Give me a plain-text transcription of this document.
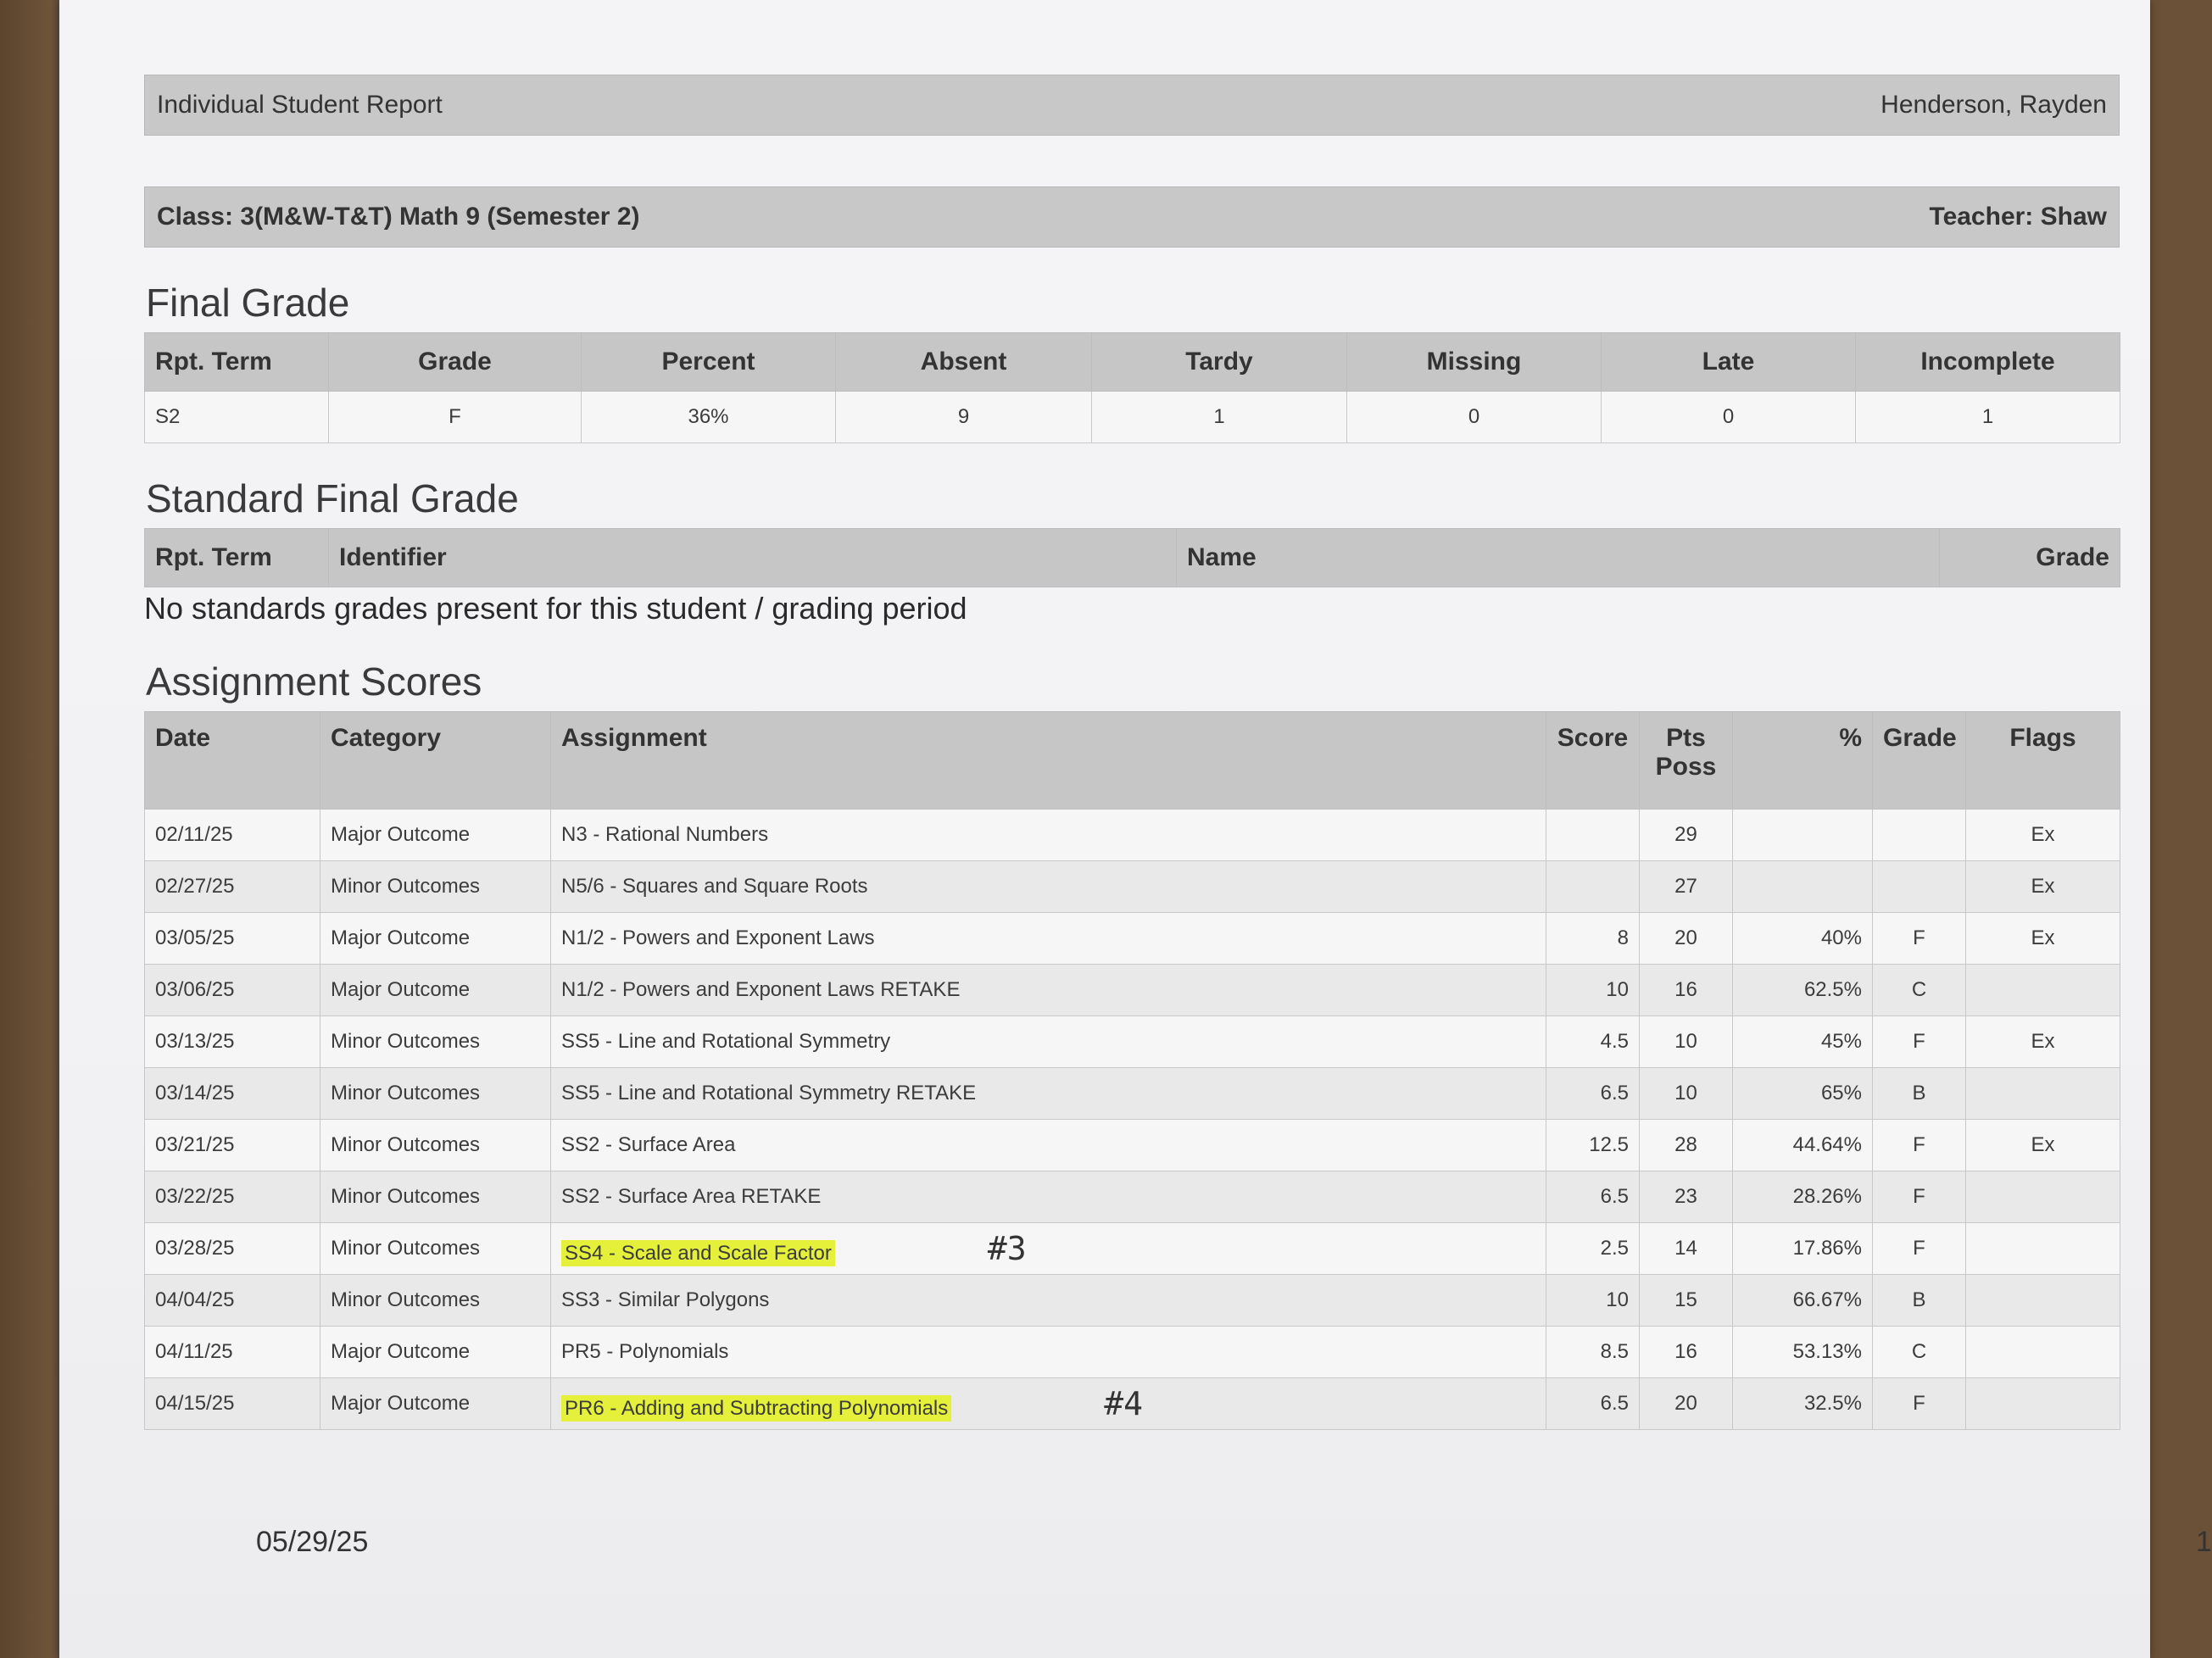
Individual Student Report	Henderson, Rayden
Class: 3(M&W-T&T) Math 9 (Semester 2)	Teacher: Shaw
Final Grade
Rpt. Term	Grade	Percent	Absent	Tardy	Missing	Late	Incomplete
S2	F	36%	9	1	0	0	1
Standard Final Grade
Rpt. Term	Identifier	Name	Grade
No standards grades present for this student / grading period
Assignment Scores
Date	Category	Assignment	Score	Pts Poss	%	Grade	Flags
02/11/25	Major Outcome	N3 - Rational Numbers		29			Ex
02/27/25	Minor Outcomes	N5/6 - Squares and Square Roots		27			Ex
03/05/25	Major Outcome	N1/2 - Powers and Exponent Laws	8	20	40%	F	Ex
03/06/25	Major Outcome	N1/2 - Powers and Exponent Laws RETAKE	10	16	62.5%	C	
03/13/25	Minor Outcomes	SS5 - Line and Rotational Symmetry	4.5	10	45%	F	Ex
03/14/25	Minor Outcomes	SS5 - Line and Rotational Symmetry RETAKE	6.5	10	65%	B	
03/21/25	Minor Outcomes	SS2 - Surface Area	12.5	28	44.64%	F	Ex
03/22/25	Minor Outcomes	SS2 - Surface Area RETAKE	6.5	23	28.26%	F	
03/28/25	Minor Outcomes	SS4 - Scale and Scale Factor #3	2.5	14	17.86%	F	
04/04/25	Minor Outcomes	SS3 - Similar Polygons	10	15	66.67%	B	
04/11/25	Major Outcome	PR5 - Polynomials	8.5	16	53.13%	C	
04/15/25	Major Outcome	PR6 - Adding and Subtracting Polynomials #4	6.5	20	32.5%	F	
05/29/25	1
